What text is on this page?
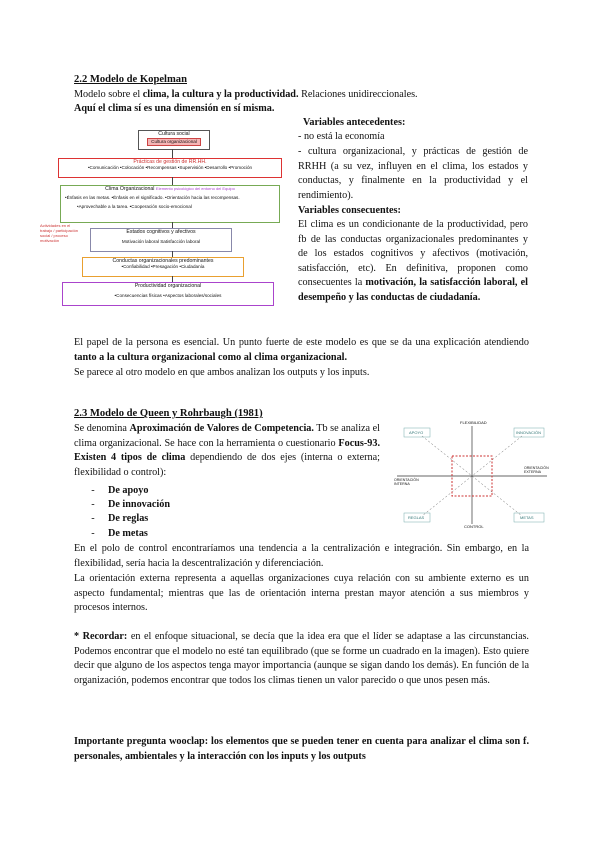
2.2 Modelo de Kopelman
Modelo sobre el clima, la cultura y la productividad. Relaciones unidireccionales.
Aquí el clima sí es una dimensión en sí misma.
Cultura social
Cultura organizacional
Prácticas de gestión de RR.HH.
•Comunicación •Colocación •Recompensas •Supervisión •Desarrollo •Promoción
Clima Organizacional Elemento psicológico del entorno del Equipo
•Énfasis en las metas. •Énfasis en el significado. •Orientación hacia las recompensas.
•Aprovechable a la tarea. •Cooperación socio-emocional
Actividades en el trabajo / participación social / proceso motivación
Estados cognitivos y afectivos
Motivación laboral Satisfacción laboral
Conductas organizacionales predominantes
•Confiabilidad •Presagación •Ciudadanía
Productividad organizacional
•Consecuencias físicas •Aspectos laborales/sociales
Variables antecedentes:
- no está la economía
- cultura organizacional, y prácticas de gestión de RRHH (a su vez, influyen en el clima, los estados y conductas, y finalmente en la productividad y el rendimiento).
Variables consecuentes:
El clima es un condicionante de la productividad, pero fb de las conductas organizacionales predominantes y de los estados cognitivos y afectivos (motivación, satisfacción, etc). En definitiva, proponen como consecuentes la motivación, la satisfacción laboral, el desempeño y las conductas de ciudadanía.
El papel de la persona es esencial. Un punto fuerte de este modelo es que se da una explicación atendiendo tanto a la cultura organizacional como al clima organizacional.
Se parece al otro modelo en que ambos analizan los outputs y los inputs.
2.3 Modelo de Queen y Rohrbaugh (1981)
Se denomina Aproximación de Valores de Competencia. Tb se analiza el clima organizacional. Se hace con la herramienta o cuestionario Focus-93. Existen 4 tipos de clima dependiendo de dos ejes (interna o externa; flexibilidad o control):
- De apoyo
- De innovación
- De reglas
- De metas
FLEXIBILIDAD
CONTROL
ORIENTACIÓN INTERNA
ORIENTACIÓN EXTERNA
APOYO	INNOVACIÓN
REGLAS	METAS
En el polo de control encontraríamos una tendencia a la centralización e integración. Sin embargo, en la flexibilidad, sería hacia la descentralización y diferenciación.
La orientación externa representa a aquellas organizaciones cuya relación con su ambiente externo es un aspecto fundamental; mientras que las de orientación interna prestan mayor atención a sus miembros y procesos internos.
* Recordar: en el enfoque situacional, se decía que la idea era que el líder se adaptase a las circunstancias. Podemos encontrar que el modelo no esté tan equilibrado (que se forme un cuadrado en la imagen). Esto quiere decir que alguno de los aspectos tenga mayor importancia (aunque se sigan dando los demás). En función de la organización, podemos encontrar que todos los climas tienen un valor parecido o que unos pesen más.
Importante pregunta wooclap: los elementos que se pueden tener en cuenta para analizar el clima son f. personales, ambientales y la interacción con los inputs y los outputs
